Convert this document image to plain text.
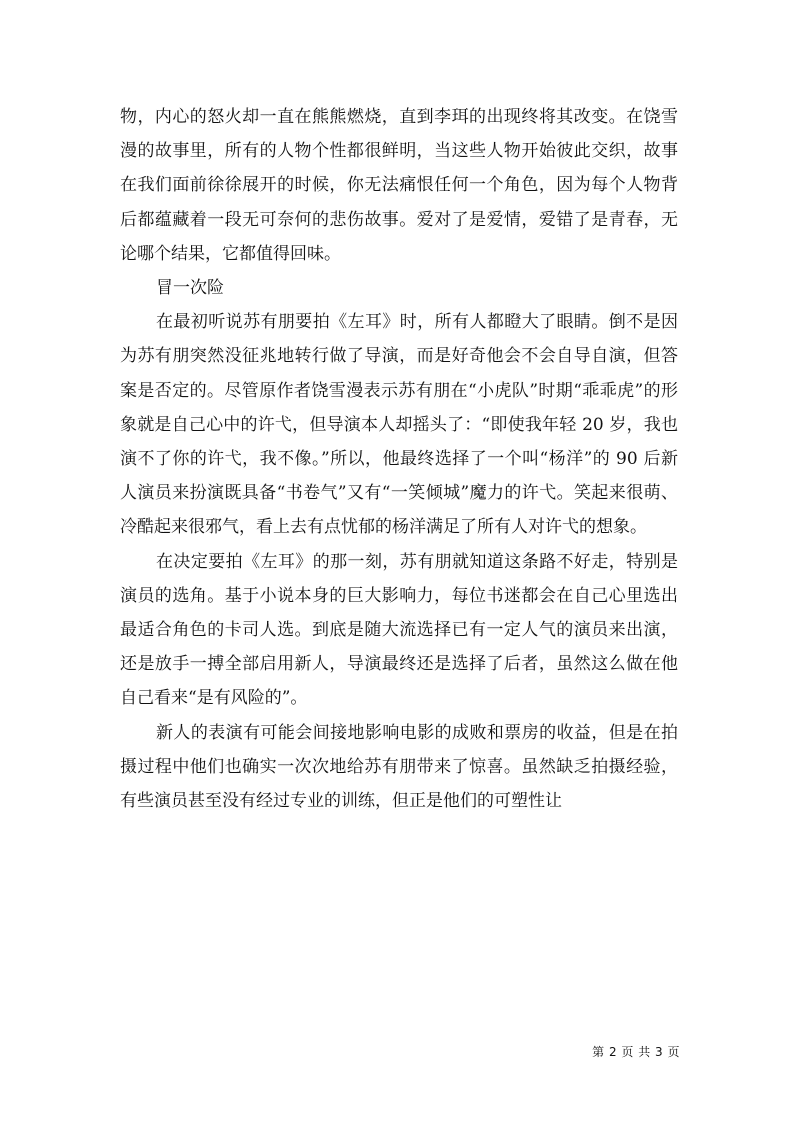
物，内心的怒火却一直在熊熊燃烧，直到李珥的出现终将其改变。在饶雪漫的故事里，所有的人物个性都很鲜明，当这些人物开始彼此交织，故事在我们面前徐徐展开的时候，你无法痛恨任何一个角色，因为每个人物背后都蕴藏着一段无可奈何的悲伤故事。爱对了是爱情，爱错了是青春，无论哪个结果，它都值得回味。

冒一次险

在最初听说苏有朋要拍《左耳》时，所有人都瞪大了眼睛。倒不是因为苏有朋突然没征兆地转行做了导演，而是好奇他会不会自导自演，但答案是否定的。尽管原作者饶雪漫表示苏有朋在“小虎队”时期“乖乖虎”的形象就是自己心中的许弋，但导演本人却摇头了：“即使我年轻 20 岁，我也演不了你的许弋，我不像。”所以，他最终选择了一个叫“杨洋”的 90 后新人演员来扮演既具备“书卷气”又有“一笑倾城”魔力的许弋。笑起来很萌、冷酷起来很邪气，看上去有点忧郁的杨洋满足了所有人对许弋的想象。

在决定要拍《左耳》的那一刻，苏有朋就知道这条路不好走，特别是演员的选角。基于小说本身的巨大影响力，每位书迷都会在自己心里选出最适合角色的卡司人选。到底是随大流选择已有一定人气的演员来出演，还是放手一搏全部启用新人，导演最终还是选择了后者，虽然这么做在他自己看来“是有风险的”。

新人的表演有可能会间接地影响电影的成败和票房的收益，但是在拍摄过程中他们也确实一次次地给苏有朋带来了惊喜。虽然缺乏拍摄经验，有些演员甚至没有经过专业的训练，但正是他们的可塑性让

第 2 页 共 3 页
